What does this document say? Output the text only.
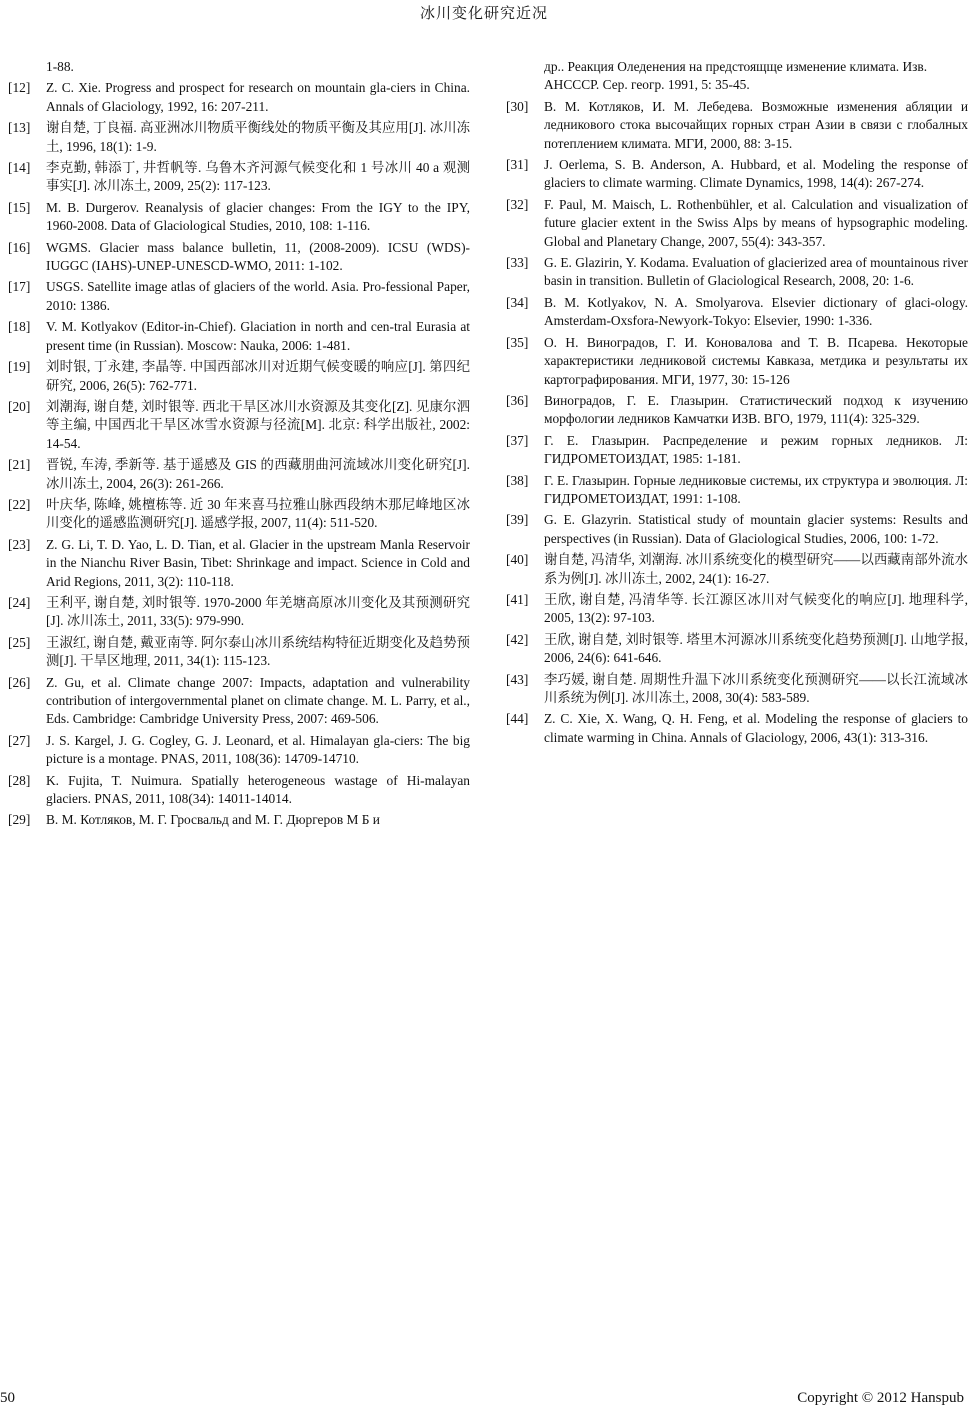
冰川变化研究近况
1-88.
[12]	Z. C. Xie. Progress and prospect for research on mountain gla-ciers in China. Annals of Glaciology, 1992, 16: 207-211.
[13]	谢自楚, 丁良福. 高亚洲冰川物质平衡线处的物质平衡及其应用[J]. 冰川冻土, 1996, 18(1): 1-9.
[14]	李克勤, 韩添丁, 井哲帆等. 乌鲁木齐河源气候变化和 1 号冰川 40 a 观测事实[J]. 冰川冻土, 2009, 25(2): 117-123.
[15]	M. B. Durgerov. Reanalysis of glacier changes: From the IGY to the IPY, 1960-2008. Data of Glaciological Studies, 2010, 108: 1-116.
[16]	WGMS. Glacier mass balance bulletin, 11, (2008-2009). ICSU (WDS)-IUGGC (IAHS)-UNEP-UNESCD-WMO, 2011: 1-102.
[17]	USGS. Satellite image atlas of glaciers of the world. Asia. Pro-fessional Paper, 2010: 1386.
[18]	V. M. Kotlyakov (Editor-in-Chief). Glaciation in north and cen-tral Eurasia at present time (in Russian). Moscow: Nauka, 2006: 1-481.
[19]	刘时银, 丁永建, 李晶等. 中国西部冰川对近期气候变暖的响应[J]. 第四纪研究, 2006, 26(5): 762-771.
[20]	刘潮海, 谢自楚, 刘时银等. 西北干旱区冰川水资源及其变化[Z]. 见康尔泗等主编, 中国西北干旱区冰雪水资源与径流[M]. 北京: 科学出版社, 2002: 14-54.
[21]	晋锐, 车涛, 季新等. 基于遥感及 GIS 的西藏朋曲河流域冰川变化研究[J]. 冰川冻土, 2004, 26(3): 261-266.
[22]	叶庆华, 陈峰, 姚檀栋等. 近 30 年来喜马拉雅山脉西段纳木那尼峰地区冰川变化的遥感监测研究[J]. 遥感学报, 2007, 11(4): 511-520.
[23]	Z. G. Li, T. D. Yao, L. D. Tian, et al. Glacier in the upstream Manla Reservoir in the Nianchu River Basin, Tibet: Shrinkage and impact. Science in Cold and Arid Regions, 2011, 3(2): 110-118.
[24]	王利平, 谢自楚, 刘时银等. 1970-2000 年羌塘高原冰川变化及其预测研究[J]. 冰川冻土, 2011, 33(5): 979-990.
[25]	王淑红, 谢自楚, 戴亚南等. 阿尔泰山冰川系统结构特征近期变化及趋势预测[J]. 干旱区地理, 2011, 34(1): 115-123.
[26]	Z. Gu, et al. Climate change 2007: Impacts, adaptation and vulnerability contribution of intergovernmental planet on climate change. M. L. Parry, et al., Eds. Cambridge: Cambridge University Press, 2007: 469-506.
[27]	J. S. Kargel, J. G. Cogley, G. J. Leonard, et al. Himalayan gla-ciers: The big picture is a montage. PNAS, 2011, 108(36): 14709-14710.
[28]	K. Fujita, T. Nuimura. Spatially heterogeneous wastage of Hi-malayan glaciers. PNAS, 2011, 108(34): 14011-14014.
[29]	В. М. Котляков, М. Г. Гросвальд and М. Г. Дюргеров М Б и
др.. Реакция Оледенения на предстоящще изменение климата. Изв. АНСССР. Сер. геогр. 1991, 5: 35-45.
[30]	В. М. Котляков, И. М. Лебедева. Возможные изменения абляции и ледникового стока высочайщих горных стран Азии в связи с глобалных потеплением климата. МГИ, 2000, 88: 3-15.
[31]	J. Oerlema, S. B. Anderson, A. Hubbard, et al. Modeling the response of glaciers to climate warming. Climate Dynamics, 1998, 14(4): 267-274.
[32]	F. Paul, M. Maisch, L. Rothenbühler, et al. Calculation and visualization of future glacier extent in the Swiss Alps by means of hypsographic modeling. Global and Planetary Change, 2007, 55(4): 343-357.
[33]	G. E. Glazirin, Y. Kodama. Evaluation of glacierized area of mountainous river basin in transition. Bulletin of Glaciological Research, 2008, 20: 1-6.
[34]	B. M. Kotlyakov, N. A. Smolyarova. Elsevier dictionary of glaci-ology. Amsterdam-Oxsfora-Newyork-Tokyo: Elsevier, 1990: 1-336.
[35]	О. Н. Виноградов, Г. И. Коновалова and Т. В. Псарева. Некоторые характеристики ледниковой системы Кавказа, метдика и результаты их картографирования. МГИ, 1977, 30: 15-126
[36]	Виноградов, Г. Е. Глазырин. Статистический подход к изучению морфологии ледников Камчатки ИЗВ. ВГО, 1979, 111(4): 325-329.
[37]	Г. Е. Глазырин. Распределение и режим горных ледников. Л: ГИДРОМЕТОИЗДАТ, 1985: 1-181.
[38]	Г. Е. Глазырин. Горные ледниковые системы, их структура и эволюция. Л: ГИДРОМЕТОИЗДАТ, 1991: 1-108.
[39]	G. E. Glazyrin. Statistical study of mountain glacier systems: Results and perspectives (in Russian). Data of Glaciological Studies, 2006, 100: 1-72.
[40]	谢自楚, 冯清华, 刘潮海. 冰川系统变化的模型研究——以西藏南部外流水系为例[J]. 冰川冻土, 2002, 24(1): 16-27.
[41]	王欣, 谢自楚, 冯清华等. 长江源区冰川对气候变化的响应[J]. 地理科学, 2005, 13(2): 97-103.
[42]	王欣, 谢自楚, 刘时银等. 塔里木河源冰川系统变化趋势预测[J]. 山地学报, 2006, 24(6): 641-646.
[43]	李巧媛, 谢自楚. 周期性升温下冰川系统变化预测研究——以长江流域冰川系统为例[J]. 冰川冻土, 2008, 30(4): 583-589.
[44]	Z. C. Xie, X. Wang, Q. H. Feng, et al. Modeling the response of glaciers to climate warming in China. Annals of Glaciology, 2006, 43(1): 313-316.
50	Copyright © 2012 Hanspub
